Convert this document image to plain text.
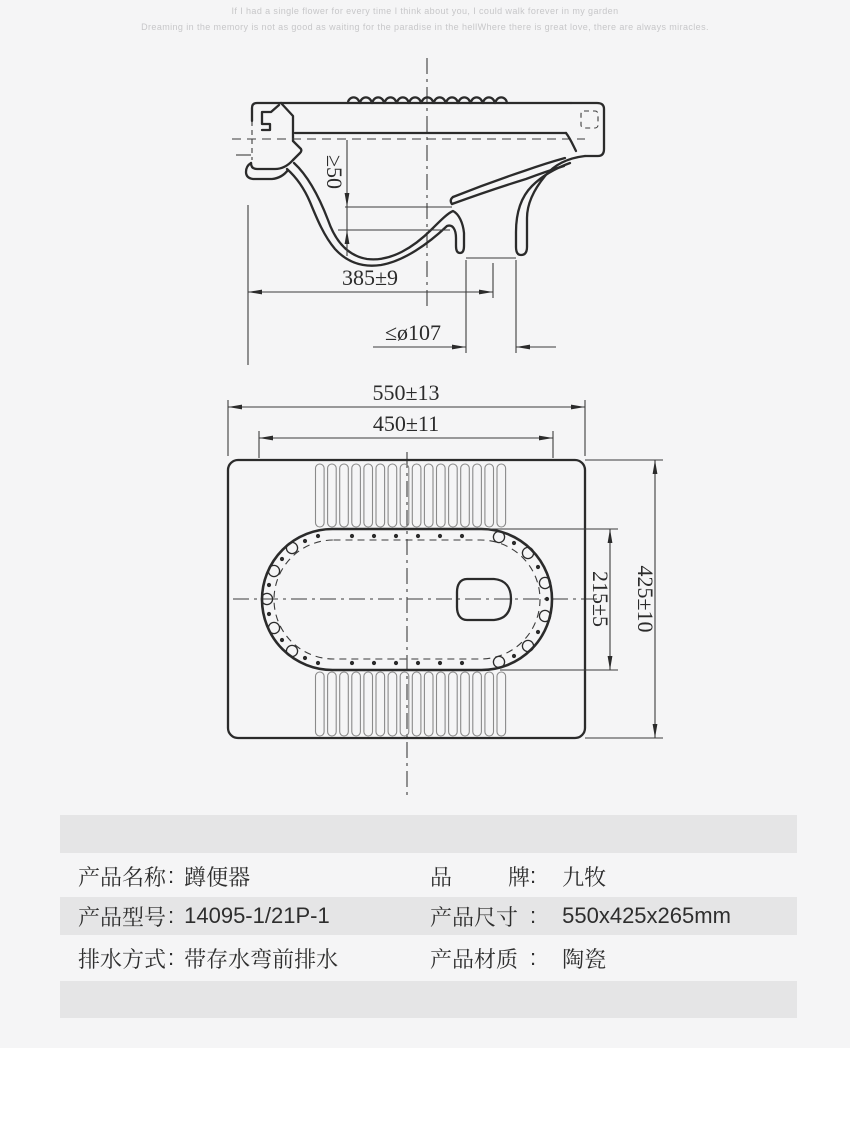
If I had a single flower for every time I think about you, I could walk forever in my garden
Dreaming in the memory is not as good as waiting for the paradise in the hellWhere there is great love, there are always miracles.
≥50
385±9
≤ø107
550±13
450±11
215±5 425±10
产品名称 : 蹲便器	品牌 : 九牧
产品型号 : 14095-1/21P-1	产品尺寸 : 550x425x265mm
排水方式 : 带存水弯前排水	产品材质 : 陶瓷
